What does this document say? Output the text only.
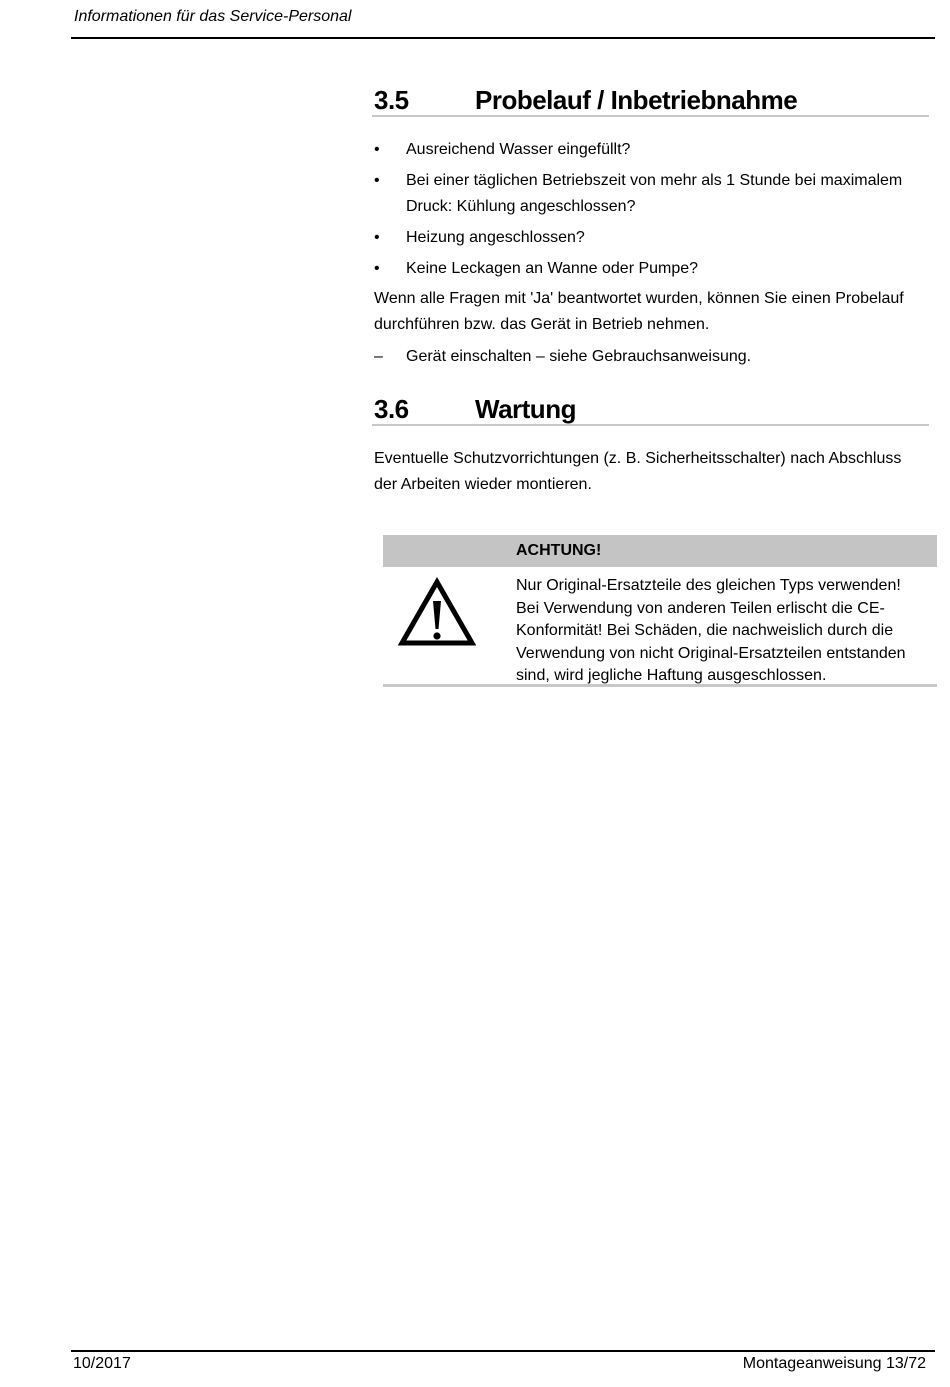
Informationen für das Service-Personal
3.5	Probelauf / Inbetriebnahme
• Ausreichend Wasser eingefüllt?
• Bei einer täglichen Betriebszeit von mehr als 1 Stunde bei maximalem Druck: Kühlung angeschlossen?
• Heizung angeschlossen?
• Keine Leckagen an Wanne oder Pumpe?
Wenn alle Fragen mit 'Ja' beantwortet wurden, können Sie einen Probelauf durchführen bzw. das Gerät in Betrieb nehmen.
– Gerät einschalten – siehe Gebrauchsanweisung.
3.6	Wartung
Eventuelle Schutzvorrichtungen (z. B. Sicherheitsschalter) nach Abschluss der Arbeiten wieder montieren.
ACHTUNG!
Nur Original-Ersatzteile des gleichen Typs verwenden! Bei Verwendung von anderen Teilen erlischt die CE-Konformität! Bei Schäden, die nachweislich durch die Verwendung von nicht Original-Ersatzteilen entstanden sind, wird jegliche Haftung ausgeschlossen.
10/2017	Montageanweisung 13/72
